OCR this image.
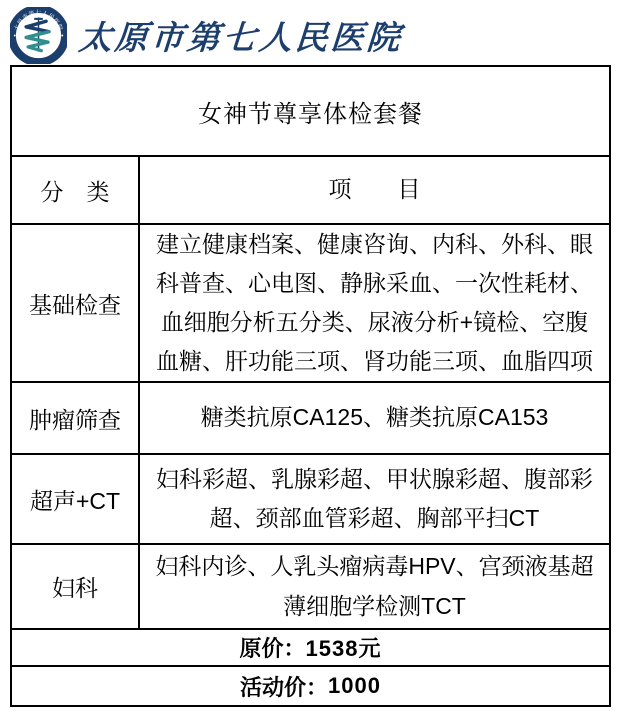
太原市第七人民医院
TAIYUAN 7TH PEOPLE'S HOSPITAL 太原市第七人民医院
女神节尊享体检套餐
分　类	项　　目
基础检查
建立健康档案、健康咨询、内科、外科、眼科普查、心电图、静脉采血、一次性耗材、血细胞分析五分类、尿液分析+镜检、空腹血糖、肝功能三项、肾功能三项、血脂四项
肿瘤筛查	糖类抗原CA125、糖类抗原CA153
超声+CT
妇科彩超、乳腺彩超、甲状腺彩超、腹部彩超、颈部血管彩超、胸部平扫CT
妇科
妇科内诊、人乳头瘤病毒HPV、宫颈液基超薄细胞学检测TCT
原价： 1538元
活动价： 1000
